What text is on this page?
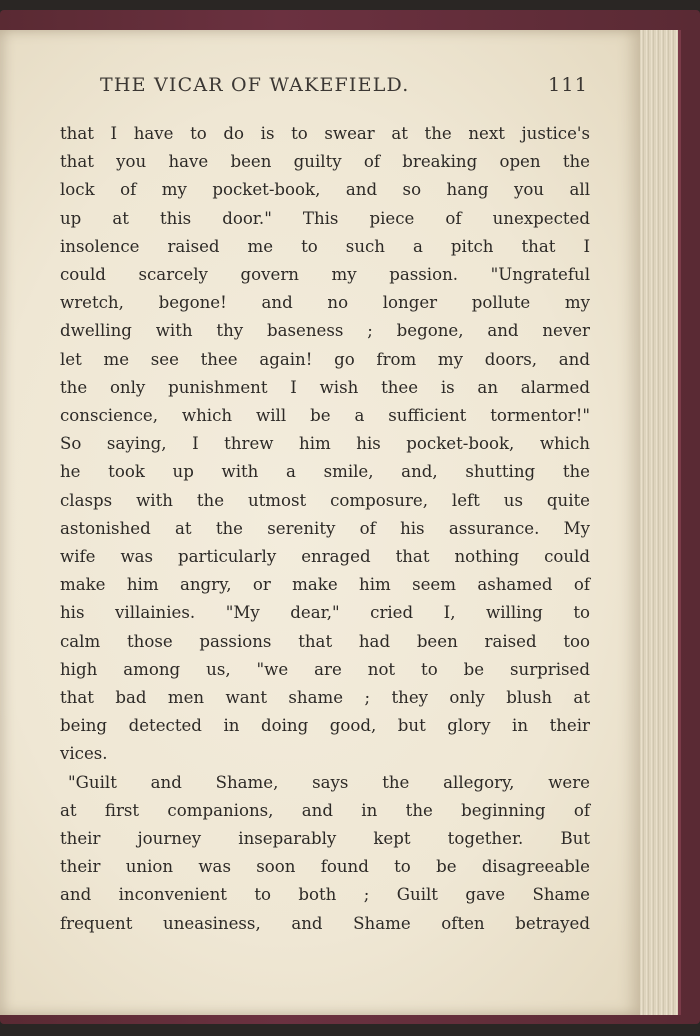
THE VICAR OF WAKEFIELD.	111
that I have to do is to swear at the next justice's
that you have been guilty of breaking open the
lock of my pocket-book, and so hang you all
up at this door." This piece of unexpected
insolence raised me to such a pitch that I
could scarcely govern my passion. "Ungrateful
wretch, begone! and no longer pollute my
dwelling with thy baseness ; begone, and never
let me see thee again! go from my doors, and
the only punishment I wish thee is an alarmed
conscience, which will be a sufficient tormentor!"
So saying, I threw him his pocket-book, which
he took up with a smile, and, shutting the
clasps with the utmost composure, left us quite
astonished at the serenity of his assurance. My
wife was particularly enraged that nothing could
make him angry, or make him seem ashamed of
his villainies. "My dear," cried I, willing to
calm those passions that had been raised too
high among us, "we are not to be surprised
that bad men want shame ; they only blush at
being detected in doing good, but glory in their
vices.
"Guilt and Shame, says the allegory, were
at first companions, and in the beginning of
their journey inseparably kept together. But
their union was soon found to be disagreeable
and inconvenient to both ; Guilt gave Shame
frequent uneasiness, and Shame often betrayed
